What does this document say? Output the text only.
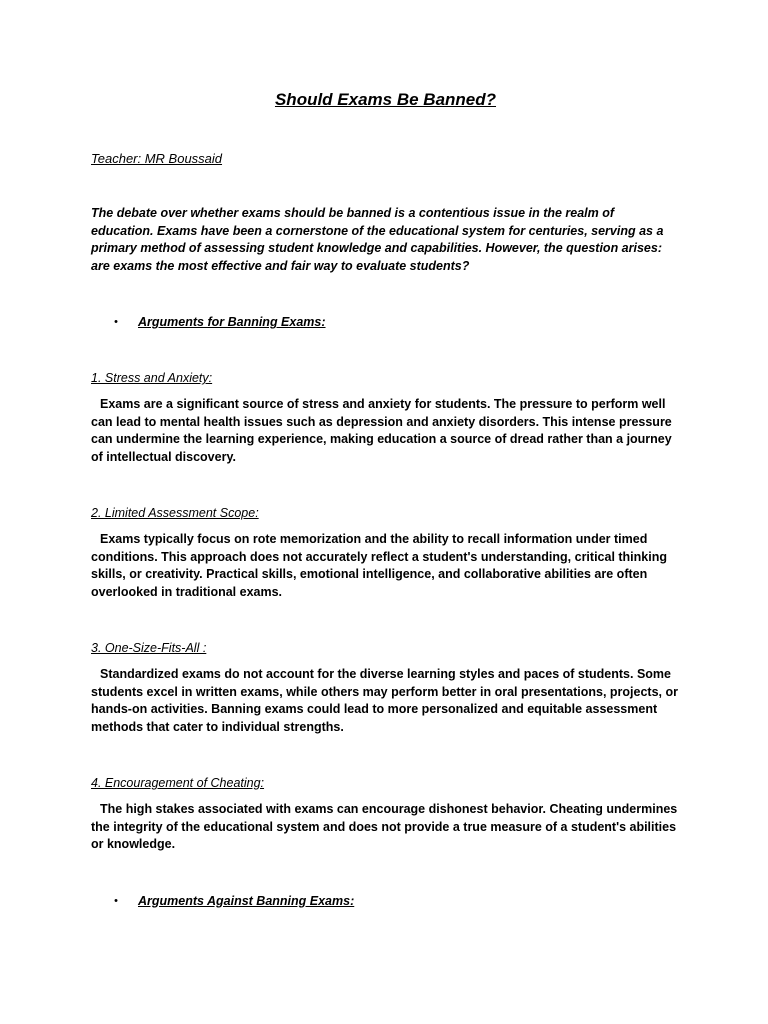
Should Exams Be Banned?
Teacher: MR Boussaid

The debate over whether exams should be banned is a contentious issue in the realm of education. Exams have been a cornerstone of the educational system for centuries, serving as a primary method of assessing student knowledge and capabilities. However, the question arises: are exams the most effective and fair way to evaluate students?

•	Arguments for Banning Exams:
1. Stress and Anxiety:

Exams are a significant source of stress and anxiety for students. The pressure to perform well can lead to mental health issues such as depression and anxiety disorders. This intense pressure can undermine the learning experience, making education a source of dread rather than a journey of intellectual discovery.

2. Limited Assessment Scope:

Exams typically focus on rote memorization and the ability to recall information under timed conditions. This approach does not accurately reflect a student's understanding, critical thinking skills, or creativity. Practical skills, emotional intelligence, and collaborative abilities are often overlooked in traditional exams.

3. One-Size-Fits-All :

Standardized exams do not account for the diverse learning styles and paces of students. Some students excel in written exams, while others may perform better in oral presentations, projects, or hands-on activities. Banning exams could lead to more personalized and equitable assessment methods that cater to individual strengths.

4. Encouragement of Cheating:

The high stakes associated with exams can encourage dishonest behavior. Cheating undermines the integrity of the educational system and does not provide a true measure of a student's abilities or knowledge.

•	Arguments Against Banning Exams:
